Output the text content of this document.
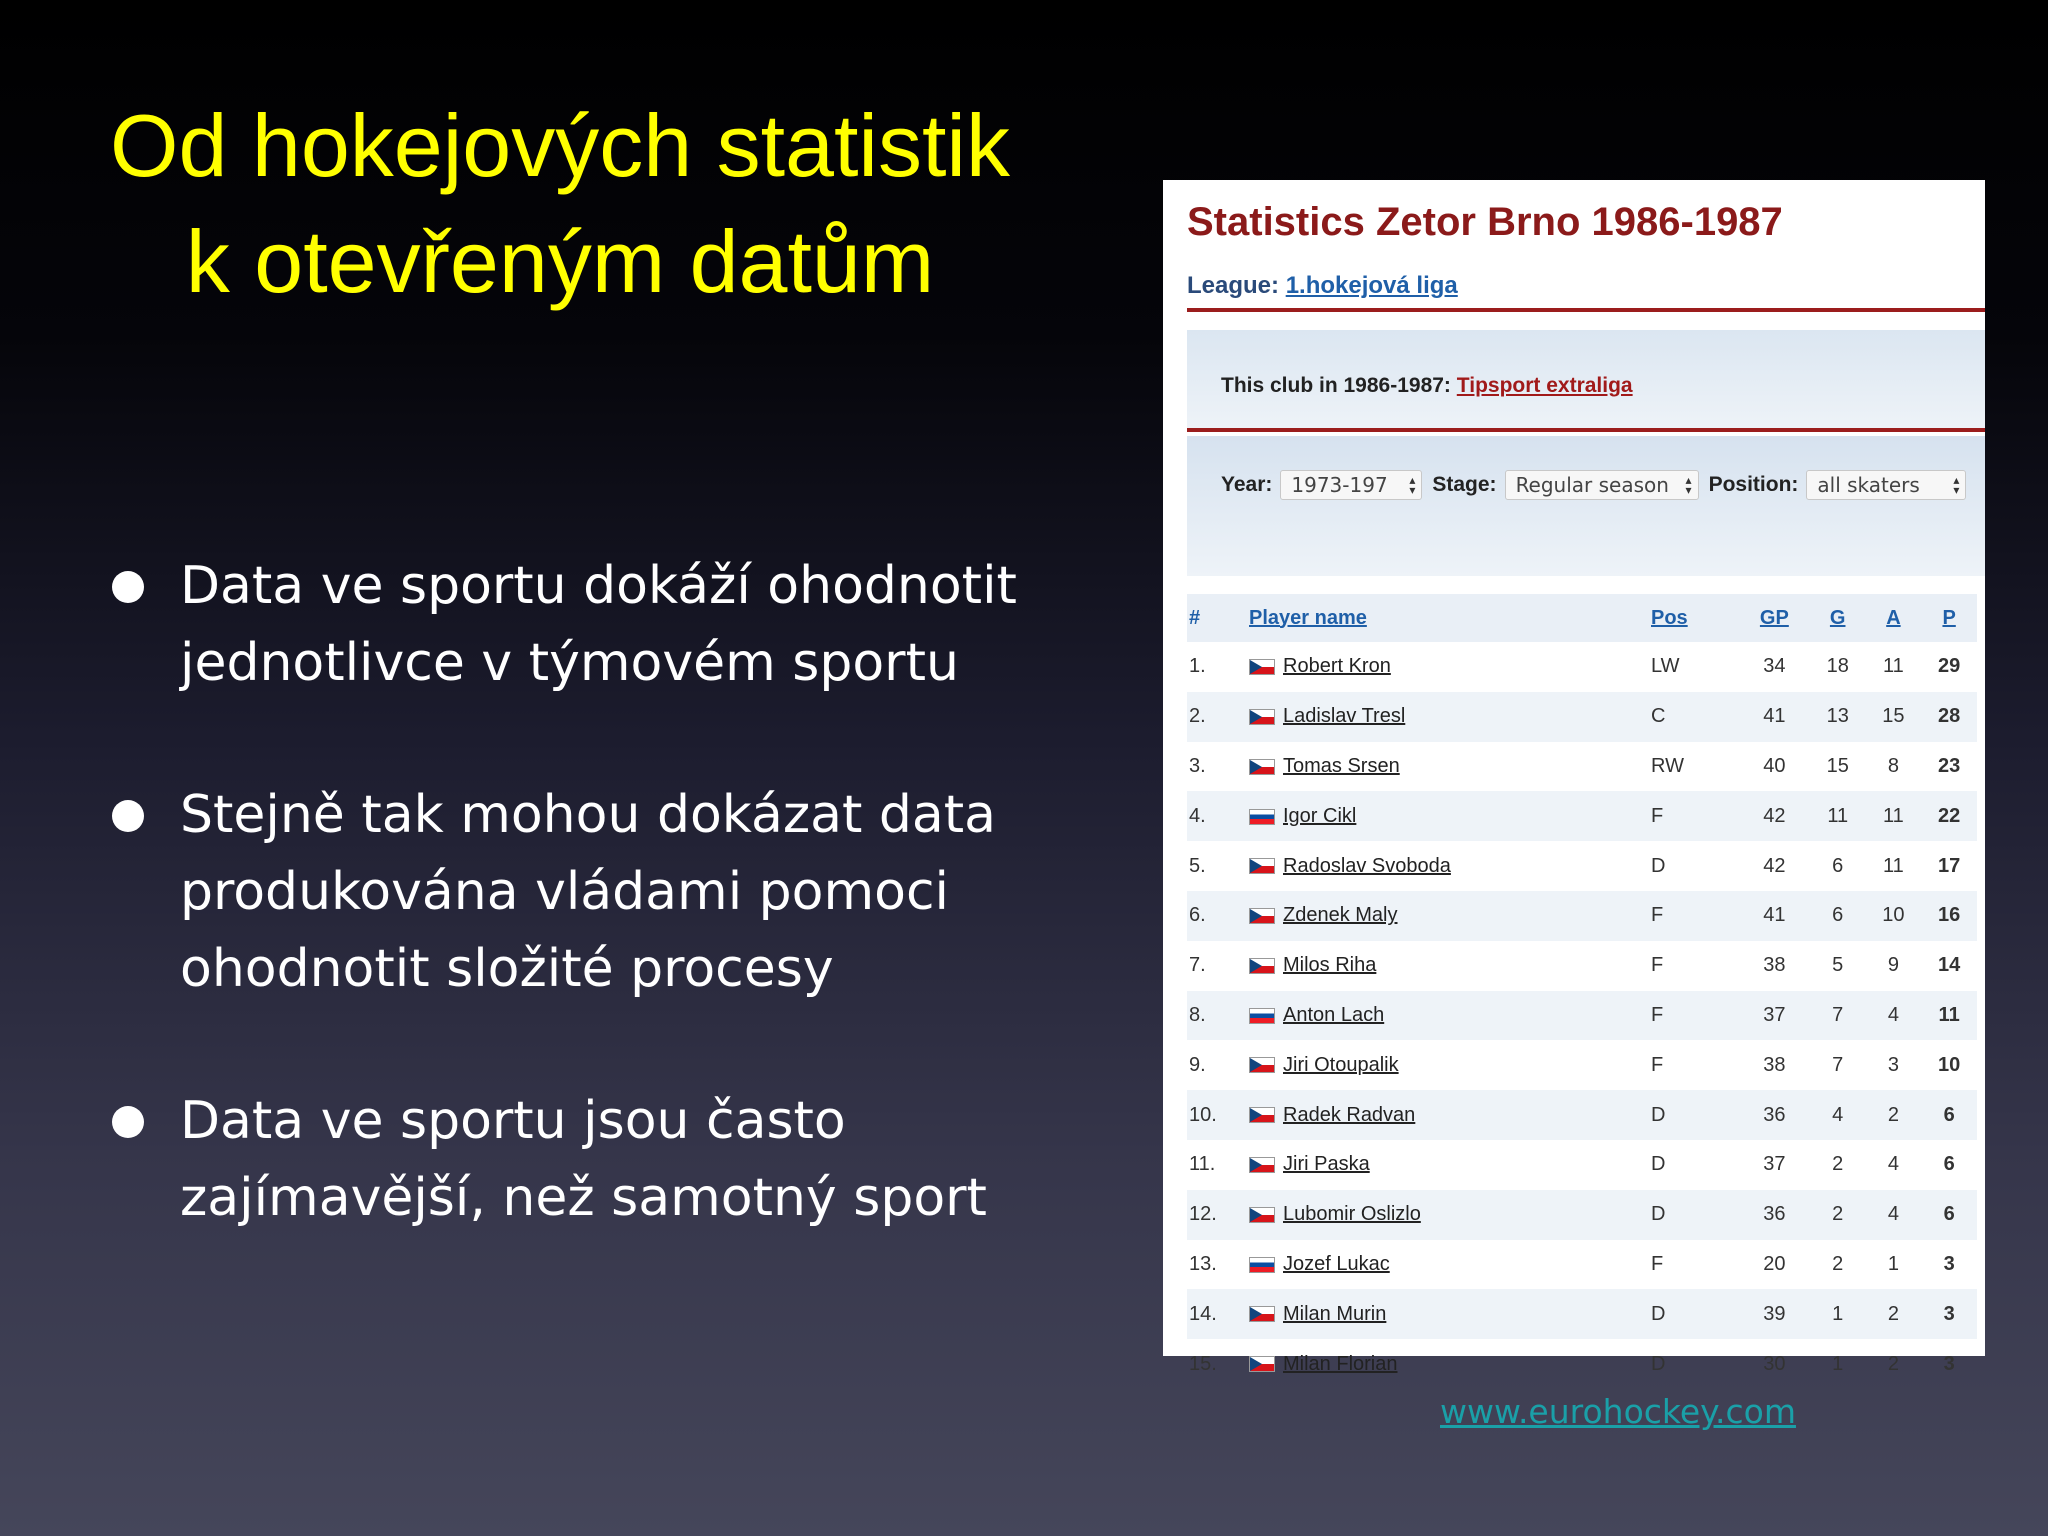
Od hokejových statistik k otevřeným datům
Data ve sportu dokáží ohodnotit jednotlivce v týmovém sportu
Stejně tak mohou dokázat data produkována vládami pomoci ohodnotit složité procesy
Data ve sportu jsou často zajímavější, než samotný sport
Statistics Zetor Brno 1986-1987
League: 1.hokejová liga
This club in 1986-1987: Tipsport extraliga
Year: 1973-197 ▴
▾ Stage: Regular season ▴
▾ Position: all skaters	▴
▾
#	Player name	Pos	GP	G	A	P
1.	Robert Kron	LW	34	18	11	29
2.	Ladislav Tresl	C	41	13	15	28
3.	Tomas Srsen	RW	40	15	8	23
4.	Igor Cikl	F	42	11	11	22
5.	Radoslav Svoboda	D	42	6	11	17
6.	Zdenek Maly	F	41	6	10	16
7.	Milos Riha	F	38	5	9	14
8.	Anton Lach	F	37	7	4	11
9.	Jiri Otoupalik	F	38	7	3	10
10.	Radek Radvan	D	36	4	2	6
11.	Jiri Paska	D	37	2	4	6
12.	Lubomir Oslizlo	D	36	2	4	6
13.	Jozef Lukac	F	20	2	1	3
14.	Milan Murin	D	39	1	2	3
15.	Milan Florian	D	30	1	2	3
www.eurohockey.com
